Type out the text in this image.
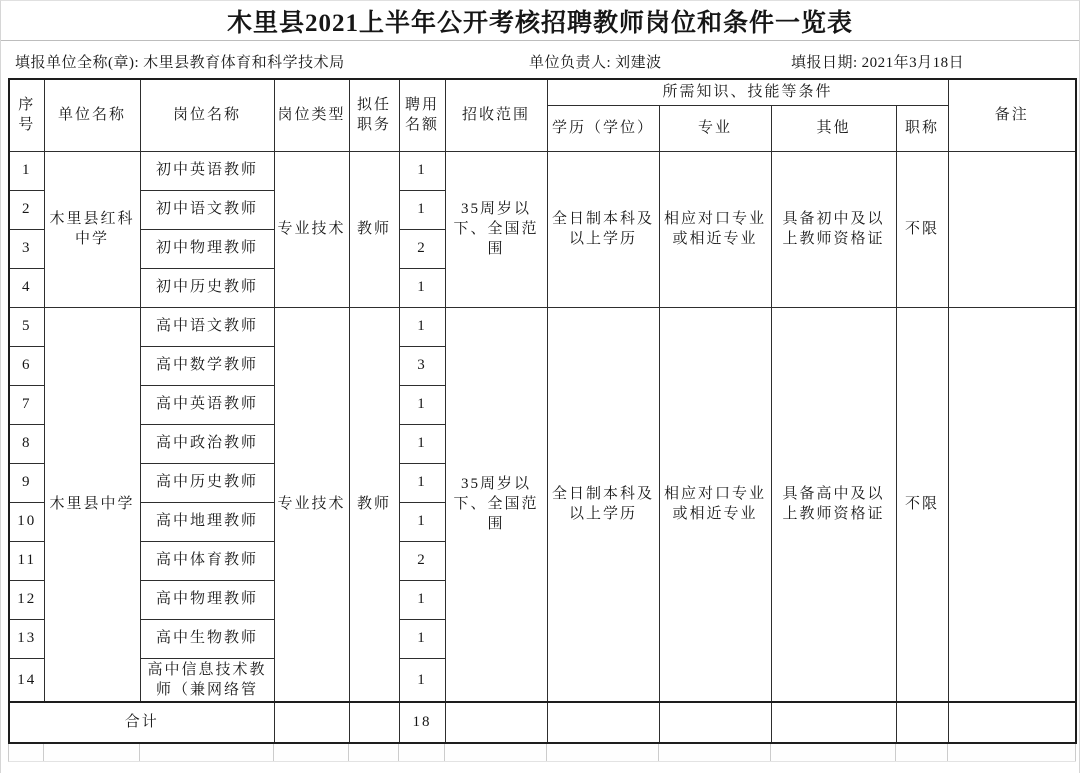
木里县2021上半年公开考核招聘教师岗位和条件一览表
填报单位全称(章): 木里县教育体育和科学技术局	单位负责人: 刘建波	填报日期: 2021年3月18日
序号	单位名称	岗位名称	岗位类型	拟任职务	聘用名额	招收范围	所需知识、技能等条件				备注
							学历（学位）	专业	其他	职称	
1	木里县红科中学	初中英语教师	专业技术	教师	1	35周岁以下、全国范围	全日制本科及以上学历	相应对口专业或相近专业	具备初中及以上教师资格证	不限	
2		初中语文教师			1						
3		初中物理教师			2						
4		初中历史教师			1						
5	木里县中学	高中语文教师	专业技术	教师	1	35周岁以下、全国范围	全日制本科及以上学历	相应对口专业或相近专业	具备高中及以上教师资格证	不限	
6		高中数学教师			3						
7		高中英语教师			1						
8		高中政治教师			1						
9		高中历史教师			1						
10		高中地理教师			1						
11		高中体育教师			2						
12		高中物理教师			1						
13		高中生物教师			1						
14		高中信息技术教师（兼网络管			1						
合计					18						
